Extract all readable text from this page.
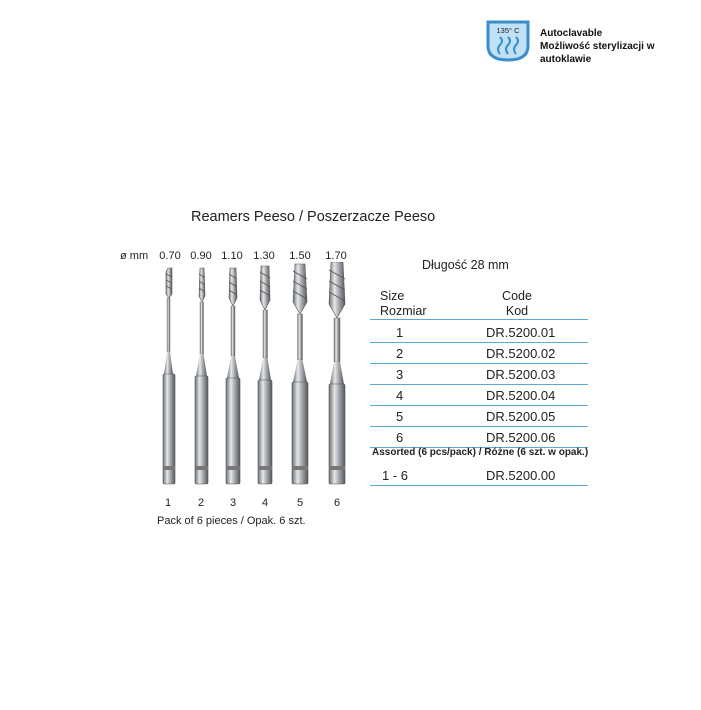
135° C Autoclavable
Możliwość sterylizacji w autoklawie
Reamers Peeso / Poszerzacze Peeso
ø mm	0.70 0.90 1.10 1.30	1.50	1.70
1	2	3	4	5	6
Pack of 6 pieces / Opak. 6 szt.
Długość 28 mm
Size
Rozmiar
Code
Kod
1	DR.5200.01
2	DR.5200.02
3	DR.5200.03
4	DR.5200.04
5	DR.5200.05
6	DR.5200.06
Assorted (6 pcs/pack) / Różne (6 szt. w opak.)
1 - 6	DR.5200.00
